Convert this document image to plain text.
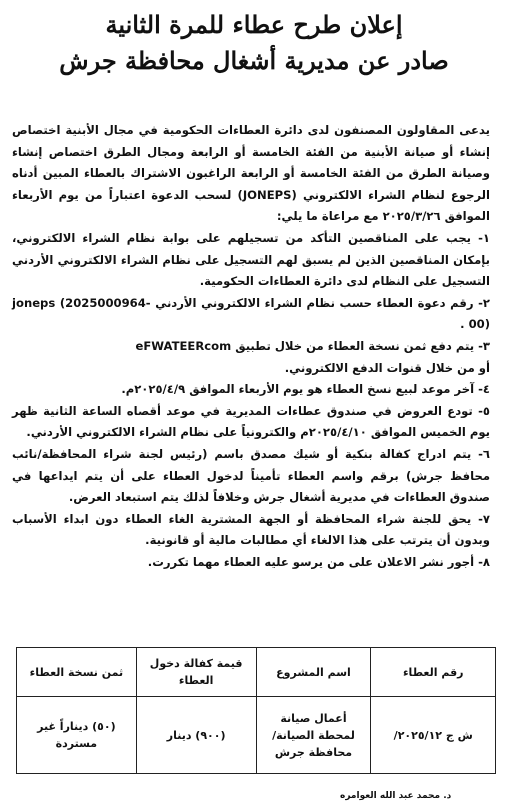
إعلان طرح عطاء للمرة الثانية
صادر عن مديرية أشغال محافظة جرش

يدعى المقاولون المصنفون لدى دائرة العطاءات الحكومية في مجال الأبنية اختصاص إنشاء أو صيانة الأبنية من الفئة الخامسة أو الرابعة ومجال الطرق اختصاص إنشاء وصيانة الطرق من الفئة الخامسة أو الرابعة الراغبون الاشتراك بالعطاء المبين أدناه الرجوع لنظام الشراء الالكتروني (JONEPS) لسحب الدعوة اعتباراً من يوم الأربعاء الموافق ٢٠٢٥/٣/٢٦ مع مراعاة ما يلي:

١- يجب على المناقصين التأكد من تسجيلهم على بوابة نظام الشراء الالكتروني، بإمكان المناقصين الذين لم يسبق لهم التسجيل على نظام الشراء الالكتروني الأردني التسجيل على النظام لدى دائرة العطاءات الحكومية.

٢- رقم دعوة العطاء حسب نظام الشراء الالكتروني الأردني joneps (2025000964-00) .

٣- يتم دفع ثمن نسخة العطاء من خلال تطبيق eFWATEERcom

أو من خلال قنوات الدفع الالكتروني.

٤- آخر موعد لبيع نسخ العطاء هو يوم الأربعاء الموافق ٢٠٢٥/٤/٩م.

٥- تودع العروض في صندوق عطاءات المديرية في موعد أقصاه الساعة الثانية ظهر يوم الخميس الموافق ٢٠٢٥/٤/١٠م والكترونياً على نظام الشراء الالكتروني الأردني.

٦- يتم ادراج كفالة بنكية أو شيك مصدق باسم (رئيس لجنة شراء المحافظة/نائب محافظ جرش) برقم واسم العطاء تأميناً لدخول العطاء على أن يتم ايداعها في صندوق العطاءات في مديرية أشغال جرش وخلافاً لذلك يتم استبعاد العرض.

٧- يحق للجنة شراء المحافظة أو الجهة المشترية الغاء العطاء دون ابداء الأسباب وبدون أن يترتب على هذا الالغاء أي مطالبات مالية أو قانونية.

٨- أجور نشر الاعلان على من يرسو عليه العطاء مهما تكررت.

رقم العطاء	اسم المشروع	قيمة كفالة دخول العطاء	ثمن نسخة العطاء
ش ج ٢٠٢٥/١٢/	أعمال صيانة لمحطة الصيانة/محافظة جرش	(٩٠٠) دينار	(٥٠) ديناراً غير مستردة
د. محمد عبد الله العوامره
